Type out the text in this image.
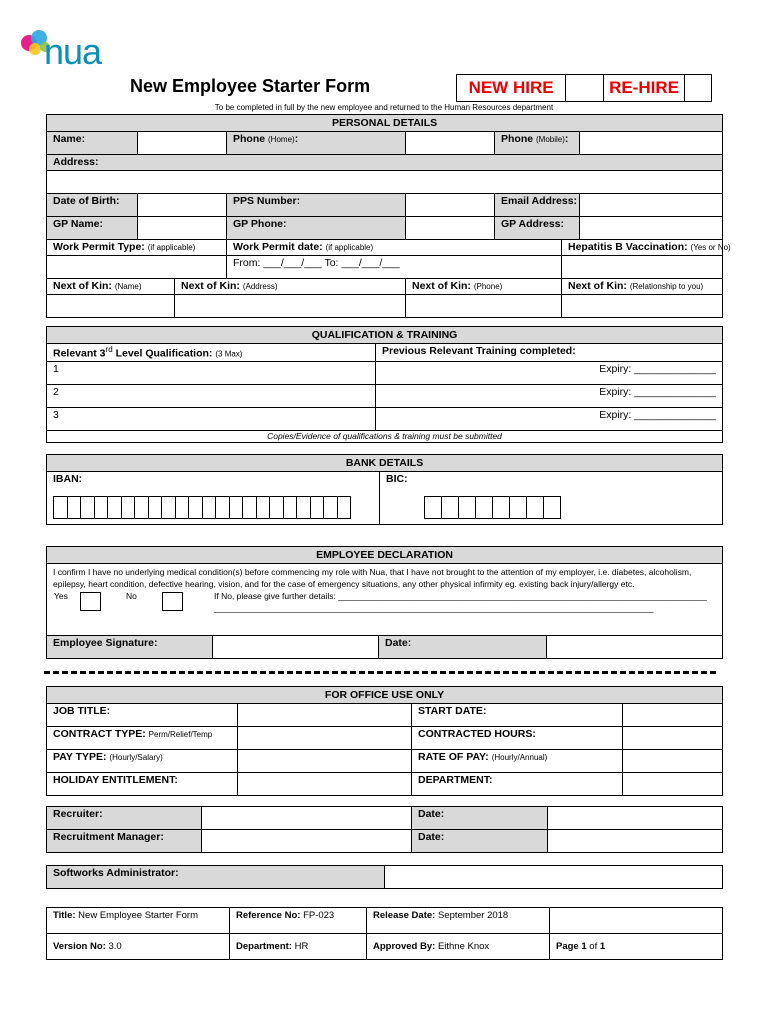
nua
New Employee Starter Form	NEW HIRE	RE-HIRE
To be completed in full by the new employee and returned to the Human Resources department
PERSONAL DETAILS							
Name:			Phone (Home):		Phone (Mobile):		
Address:							

Date of Birth:			PPS Number:		Email Address:		
GP Name:			GP Phone:		GP Address:		
Work Permit Type: (if applicable)			Work Permit date: (if applicable)			Hepatitis B Vaccination: (Yes or No)	
			From: ___/___/___ To: ___/___/___				
Next of Kin: (Name)		Next of Kin: (Address)		Next of Kin: (Phone)		Next of Kin: (Relationship to you)	

QUALIFICATION & TRAINING	
Relevant 3rd Level Qualification: (3 Max)	Previous Relevant Training completed:
1	Expiry: ______________
2	Expiry: ______________
3	Expiry: ______________
Copies/Evidence of qualifications & training must be submitted	
BANK DETAILS	
IBAN:	BIC:

EMPLOYEE DECLARATION

I confirm I have no underlying medical condition(s) before commencing my role with Nua, that I have not brought to the attention of my employer, i.e. diabetes, alcoholism, epilepsy, heart condition, defective hearing, vision, and for the case of emergency situations, any other physical infirmity eg. existing back injury/allergy etc.
Yes	No	If No, please give further details: ______________________________________________________________________________
_____________________________________________________________________________________________

Employee Signature:		Date:	
FOR OFFICE USE ONLY			
JOB TITLE:		START DATE:	
CONTRACT TYPE: Perm/Relief/Temp		CONTRACTED HOURS:	
PAY TYPE: (Hourly/Salary)		RATE OF PAY: (Hourly/Annual)	
HOLIDAY ENTITLEMENT:		DEPARTMENT:	
Recruiter:		Date:	
Recruitment Manager:		Date:	
Softworks Administrator:	
Title: New Employee Starter Form	Reference No: FP-023	Release Date: September 2018	
Version No: 3.0	Department: HR	Approved By: Eithne Knox	Page 1 of 1
